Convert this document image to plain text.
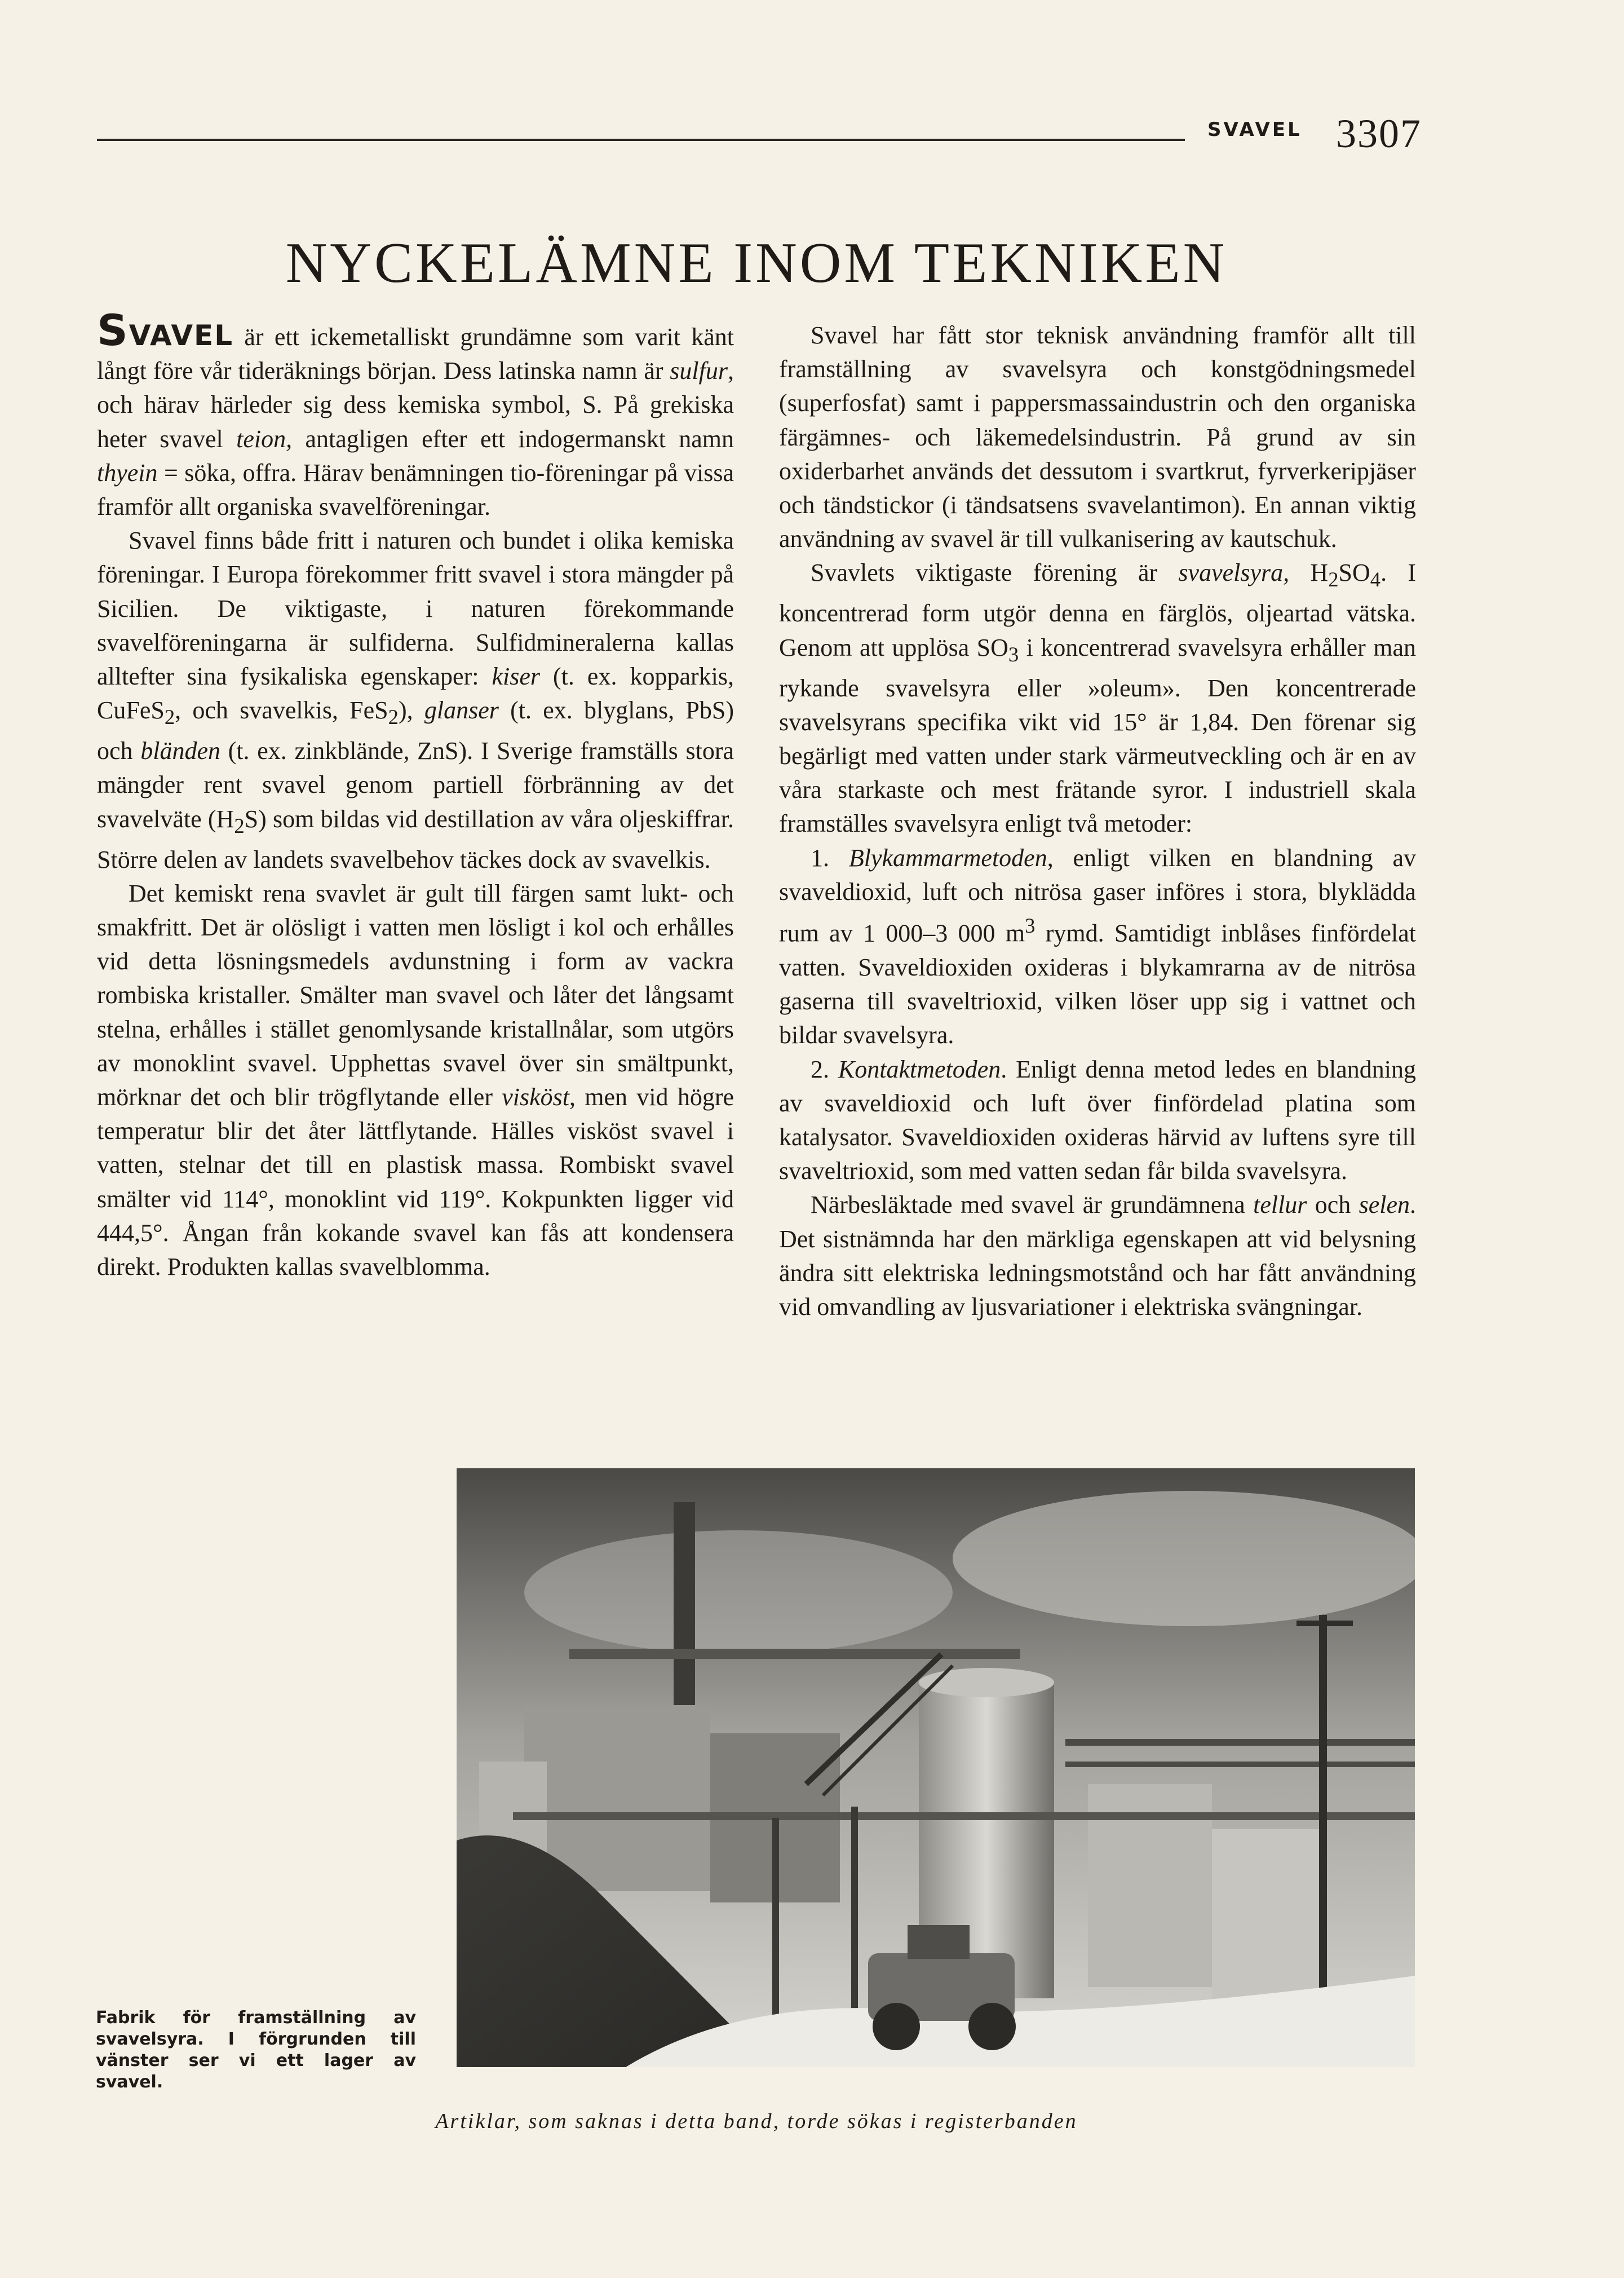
SVAVEL 3307
NYCKELÄMNE INOM TEKNIKEN

SVAVEL är ett ickemetalliskt grundämne som varit känt långt före vår tideräknings början. Dess latinska namn är sulfur, och härav härleder sig dess kemiska symbol, S. På grekiska heter svavel teion, antagligen efter ett indogermanskt namn thyein = söka, offra. Härav benämningen tio-föreningar på vissa framför allt organiska svavelföreningar.

Svavel finns både fritt i naturen och bundet i olika kemiska föreningar. I Europa förekommer fritt svavel i stora mängder på Sicilien. De viktigaste, i naturen förekommande svavelföreningarna är sulfiderna. Sulfidmineralerna kallas alltefter sina fysikaliska egenskaper: kiser (t. ex. kopparkis, CuFeS$_2$, och svavelkis, FeS$_2$), glanser (t. ex. blyglans, PbS) och bländen (t. ex. zinkblände, ZnS). I Sverige framställs stora mängder rent svavel genom partiell förbränning av det svavelväte $(H_2S)$ som bildas vid destillation av våra oljeskiffrar. Större delen av landets svavelbehov täckes dock av svavelkis.

Det kemiskt rena svavlet är gult till färgen samt lukt- och smakfritt. Det är olösligt i vatten men lösligt i kol och erhålles vid detta lösningsmedels avdunstning i form av vackra rombiska kristaller. Smälter man svavel och låter det långsamt stelna, erhålles i stället genomlysande kristallnålar, som utgörs av monoklint svavel. Upphettas svavel över sin smältpunkt, mörknar det och blir trögflytande eller visköst, men vid högre temperatur blir det åter lättflytande. Hälles visköst svavel i vatten, stelnar det till en plastisk massa. Rombiskt svavel smälter vid 114°, monoklint vid 119°. Kokpunkten ligger vid 444,5°. Ångan från kokande svavel kan fås att kondensera direkt. Produkten kallas svavelblomma.

Svavel har fått stor teknisk användning framför allt till framställning av svavelsyra och konstgödningsmedel (superfosfat) samt i pappersmassaindustrin och den organiska färgämnes- och läkemedelsindustrin. På grund av sin oxiderbarhet används det dessutom i svartkrut, fyrverkeripjäser och tändstickor (i tändsatsens svavelantimon). En annan viktig användning av svavel är till vulkanisering av kautschuk.

Svavlets viktigaste förening är svavelsyra, $H_2SO_4$. I koncentrerad form utgör denna en färglös, oljeartad vätska. Genom att upplösa $SO_3$ i koncentrerad svavelsyra erhåller man rykande svavelsyra eller »oleum». Den koncentrerade svavelsyrans specifika vikt vid 15° är 1,84. Den förenar sig begärligt med vatten under stark värmeutveckling och är en av våra starkaste och mest frätande syror. I industriell skala framställes svavelsyra enligt två metoder:

1. Blykammarmetoden, enligt vilken en blandning av svaveldioxid, luft och nitrösa gaser införes i stora, blyklädda rum av 1 000–3 000 $m^3$ rymd. Samtidigt inblåses finfördelat vatten. Svaveldioxiden oxideras i blykamrarna av de nitrösa gaserna till svaveltrioxid, vilken löser upp sig i vattnet och bildar svavelsyra.

2. Kontaktmetoden. Enligt denna metod ledes en blandning av svaveldioxid och luft över finfördelad platina som katalysator. Svaveldioxiden oxideras härvid av luftens syre till svaveltrioxid, som med vatten sedan får bilda svavelsyra.

Närbesläktade med svavel är grundämnena tellur och selen. Det sistnämnda har den märkliga egenskapen att vid belysning ändra sitt elektriska ledningsmotstånd och har fått användning vid omvandling av ljusvariationer i elektriska svängningar.

Fabrik för framställning av svavelsyra. I förgrunden till vänster ser vi ett lager av svavel.
Artiklar, som saknas i detta band, torde sökas i registerbanden
